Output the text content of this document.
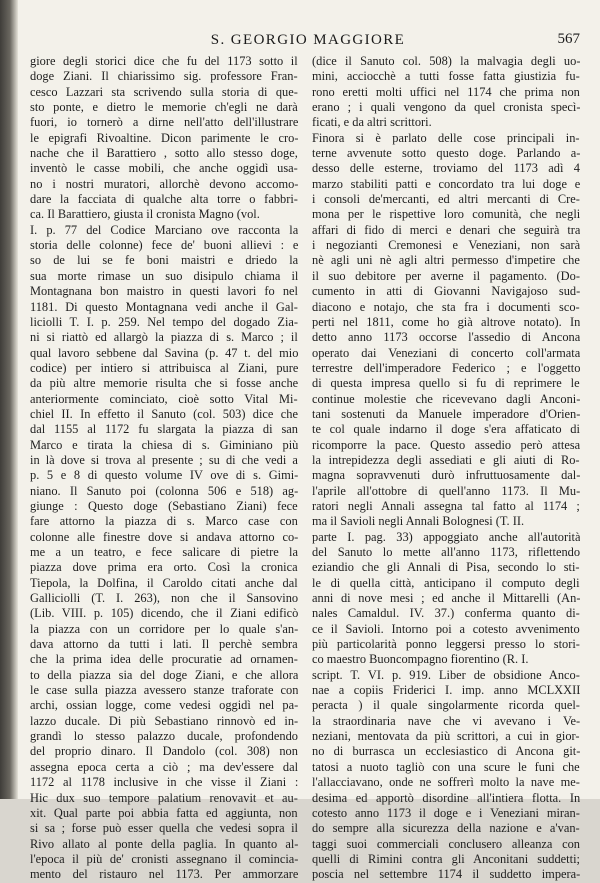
S. GEORGIO MAGGIORE	567
giore degli storici dice che fu del 1173 sotto il
doge Ziani. Il chiarissimo sig. professore Fran-
cesco Lazzari sta scrivendo sulla storia di que-
sto ponte, e dietro le memorie ch'egli ne darà
fuori, io tornerò a dirne nell'atto dell'illustrare
le epigrafi Rivoaltine. Dicon parimente le cro-
nache che il Barattiero , sotto allo stesso doge,
inventò le casse mobili, che anche oggidì usa-
no i nostri muratori, allorchè devono accomo-
dare la facciata di qualche alta torre o fabbri-
ca. Il Barattiero, giusta il cronista Magno (vol.
I. p. 77 del Codice Marciano ove racconta la
storia delle colonne) fece de' buoni allievi : e
so de lui se fe boni maistri e driedo la
sua morte rimase un suo disipulo chiama il
Montagnana bon maistro in questi lavori fo nel
1181. Di questo Montagnana vedi anche il Gal-
liciolli T. I. p. 259. Nel tempo del dogado Zia-
ni si riattò ed allargò la piazza di s. Marco ; il
qual lavoro sebbene dal Savina (p. 47 t. del mio
codice) per intiero si attribuisca al Ziani, pure
da più altre memorie risulta che si fosse anche
anteriormente cominciato, cioè sotto Vital Mi-
chiel II. In effetto il Sanuto (col. 503) dice che
dal 1155 al 1172 fu slargata la piazza di san
Marco e tirata la chiesa di s. Giminiano più
in là dove si trova al presente ; su di che vedi a
p. 5 e 8 di questo volume IV ove di s. Gimi-
niano. Il Sanuto poi (colonna 506 e 518) ag-
giunge : Questo doge (Sebastiano Ziani) fece
fare attorno la piazza di s. Marco case con
colonne alle finestre dove si andava attorno co-
me a un teatro, e fece salicare di pietre la
piazza dove prima era orto. Così la cronica
Tiepola, la Dolfina, il Caroldo citati anche dal
Galliciolli (T. I. 263), non che il Sansovino
(Lib. VIII. p. 105) dicendo, che il Ziani edificò
la piazza con un corridore per lo quale s'an-
dava attorno da tutti i lati. Il perchè sembra
che la prima idea delle procuratie ad ornamen-
to della piazza sia del doge Ziani, e che allora
le case sulla piazza avessero stanze traforate con
archi, ossian logge, come vedesi oggidì nel pa-
lazzo ducale. Di più Sebastiano rinnovò ed in-
grandì lo stesso palazzo ducale, profondendo
del proprio dinaro. Il Dandolo (col. 308) non
assegna epoca certa a ciò ; ma dev'essere dal
1172 al 1178 inclusive in che visse il Ziani :
Hic dux suo tempore palatium renovavit et au-
xit. Qual parte poi abbia fatta ed aggiunta, non
si sa ; forse può esser quella che vedesi sopra il
Rivo allato al ponte della paglia. In quanto al-
l'epoca il più de' cronisti assegnano il comincia-
mento del ristauro nel 1173. Per ammorzare
(dice il Sanuto col. 508) la malvagia degli uo-
mini, acciocchè a tutti fosse fatta giustizia fu-
rono eretti molti uffici nel 1174 che prima non
erano ; i quali vengono da quel cronista specì-
ficati, e da altri scrittori.
Finora si è parlato delle cose principali in-
terne avvenute sotto questo doge. Parlando a-
desso delle esterne, troviamo del 1173 adì 4
marzo stabiliti patti e concordato tra lui doge e
i consoli de'mercanti, ed altri mercanti di Cre-
mona per le rispettive loro comunità, che negli
affari di fido di merci e denari che seguirà tra
i negozianti Cremonesi e Veneziani, non sarà
nè agli uni nè agli altri permesso d'impetire che
il suo debitore per averne il pagamento. (Do-
cumento in atti di Giovanni Navigajoso sud-
diacono e notajo, che sta fra i documenti sco-
perti nel 1811, come ho già altrove notato). In
detto anno 1173 occorse l'assedio di Ancona
operato dai Veneziani di concerto coll'armata
terrestre dell'imperadore Federico ; e l'oggetto
di questa impresa quello si fu di reprimere le
continue molestie che ricevevano dagli Anconi-
tani sostenuti da Manuele imperadore d'Orien-
te col quale indarno il doge s'era affaticato di
ricomporre la pace. Questo assedio però attesa
la intrepidezza degli assediati e gli aiuti di Ro-
magna sopravvenuti durò infruttuosamente dal-
l'aprile all'ottobre di quell'anno 1173. Il Mu-
ratori negli Annali assegna tal fatto al 1174 ;
ma il Savioli negli Annali Bolognesi (T. II.
parte I. pag. 33) appoggiato anche all'autorità
del Sanuto lo mette all'anno 1173, riflettendo
eziandio che gli Annali di Pisa, secondo lo sti-
le di quella città, anticipano il computo degli
anni di nove mesi ; ed anche il Mittarelli (An-
nales Camaldul. IV. 37.) conferma quanto di-
ce il Savioli. Intorno poi a cotesto avvenimento
più particolarità ponno leggersi presso lo stori-
co maestro Buoncompagno fiorentino (R. I.
script. T. VI. p. 919. Liber de obsidione Anco-
nae a copiis Friderici I. imp. anno MCLXXII
peracta ) il quale singolarmente ricorda quel-
la straordinaria nave che vi avevano i Ve-
neziani, mentovata da più scrittori, a cui in gior-
no di burrasca un ecclesiastico di Ancona git-
tatosi a nuoto tagliò con una scure le funi che
l'allacciavano, onde ne soffrerì molto la nave me-
desima ed apportò disordine all'intiera flotta. In
cotesto anno 1173 il doge e i Veneziani miran-
do sempre alla sicurezza della nazione e a'van-
taggi suoi commerciali conclusero alleanza con
quelli di Rimini contra gli Anconitani suddetti;
poscia nel settembre 1174 il suddetto impera-
